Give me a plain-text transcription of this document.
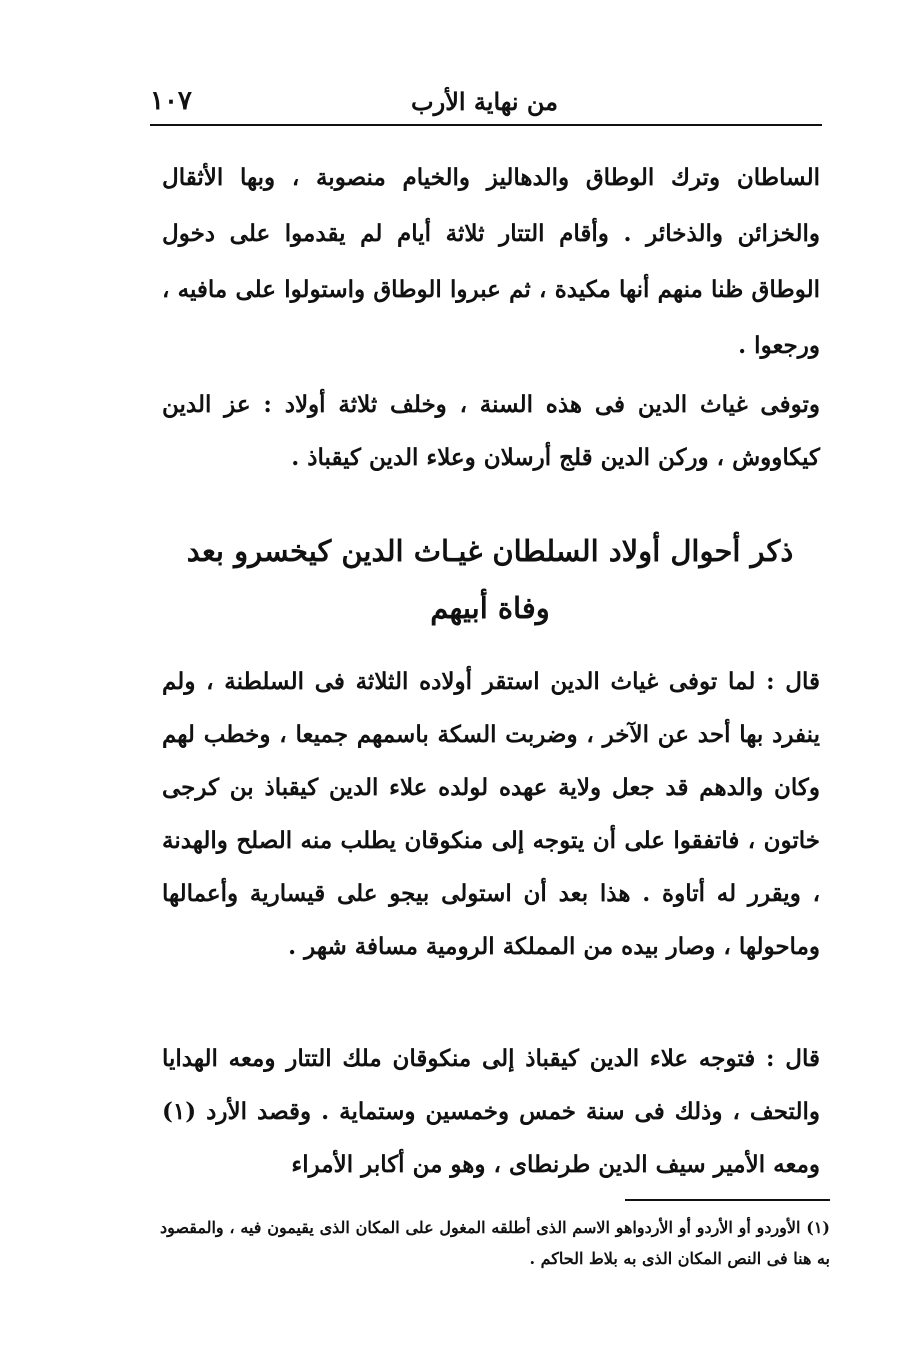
من نهاية الأرب
١٠٧
الساطان وترك الوطاق والدهاليز والخيام منصوبة ، وبها الأثقال والخزائن والذخائر . وأقام التتار ثلاثة أيام لم يقدموا على دخول الوطاق ظنا منهم أنها مكيدة ، ثم عبروا الوطاق واستولوا على مافيه ، ورجعوا .
وتوفى غياث الدين فى هذه السنة ، وخلف ثلاثة أولاد : عز الدين كيكاووش ، وركن الدين قلج أرسلان وعلاء الدين كيقباذ .
ذكر أحوال أولاد السلطان غيـاث الدين كيخسرو بعد وفاة أبيهم
قال : لما توفى غياث الدين استقر أولاده الثلاثة فى السلطنة ، ولم ينفرد بها أحد عن الآخر ، وضربت السكة باسمهم جميعا ، وخطب لهم وكان والدهم قد جعل ولاية عهده لولده علاء الدين كيقباذ بن كرجى خاتون ، فاتفقوا على أن يتوجه إلى منكوقان يطلب منه الصلح والهدنة ، ويقرر له أتاوة . هذا بعد أن استولى بيجو على قيسارية وأعمالها وماحولها ، وصار بيده من المملكة الرومية مسافة شهر .
قال : فتوجه علاء الدين كيقباذ إلى منكوقان ملك التتار ومعه الهدايا والتحف ، وذلك فى سنة خمس وخمسين وستماية . وقصد الأرد (١) ومعه الأمير سيف الدين طرنطاى ، وهو من أكابر الأمراء
(١) الأوردو أو الأردو أو الأردواهو الاسم الذى أطلقه المغول على المكان الذى يقيمون فيه ، والمقصود به هنا فى النص المكان الذى به بلاط الحاكم .
